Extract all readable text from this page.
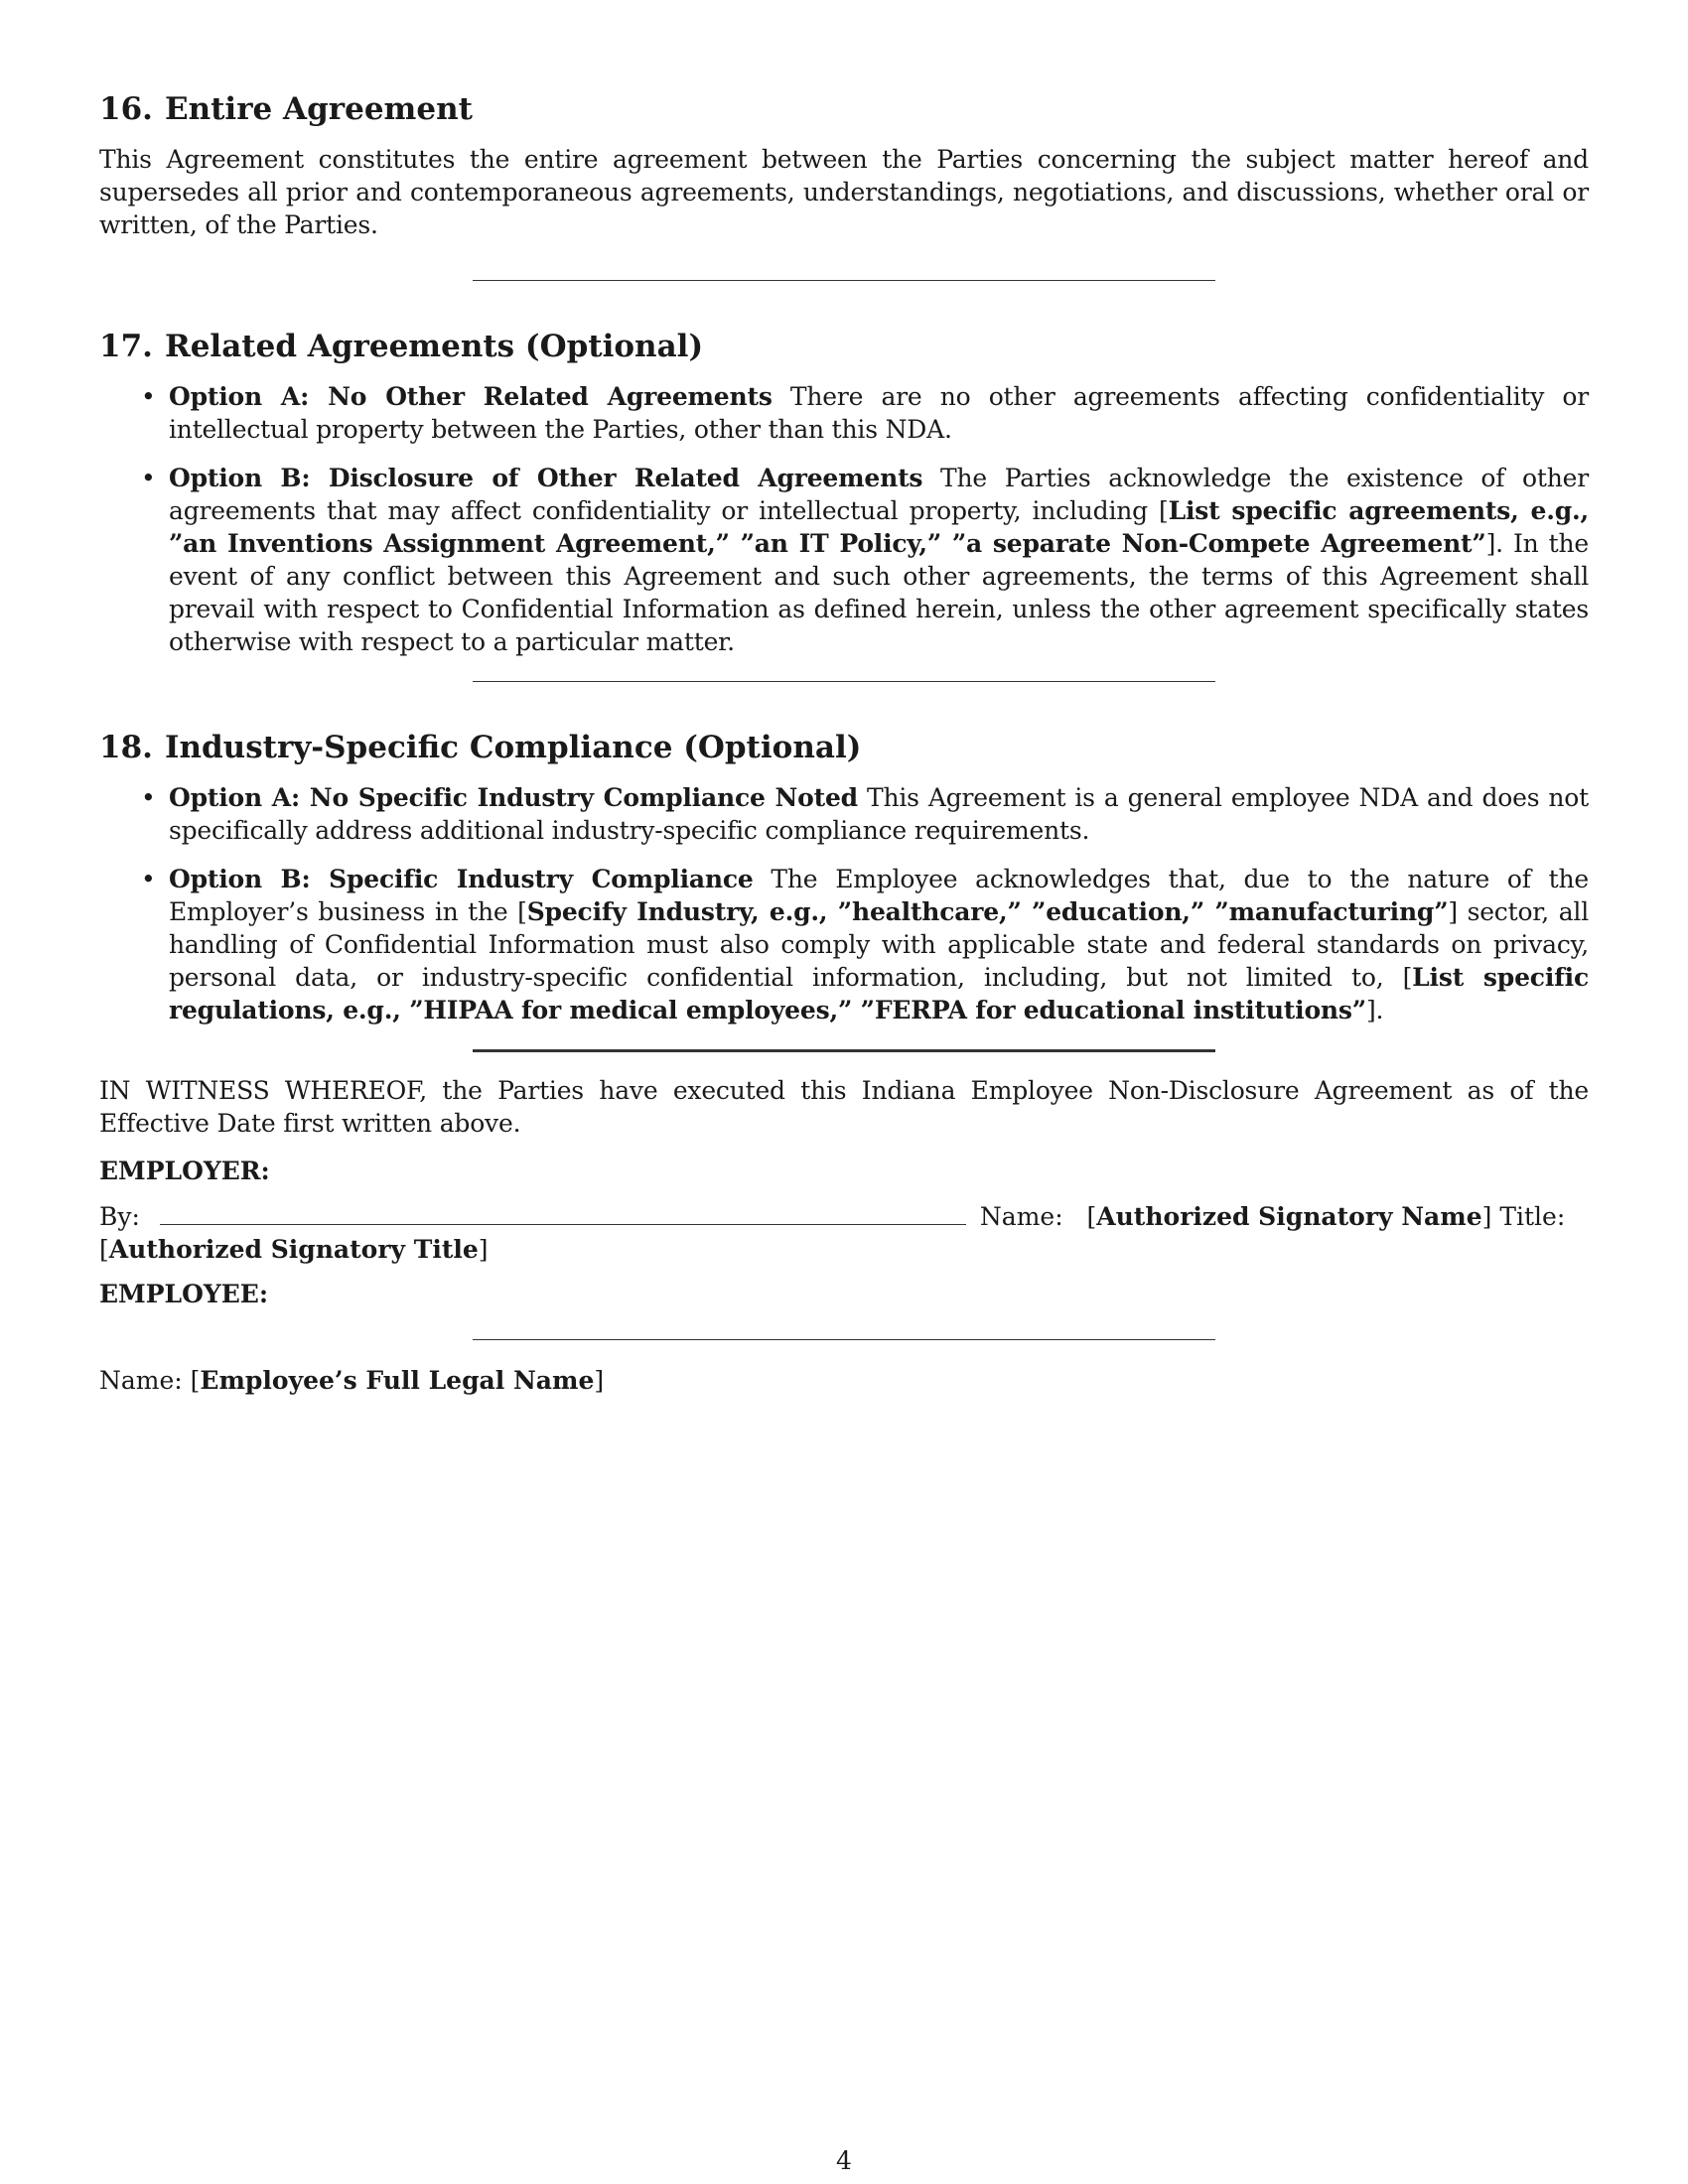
16. Entire Agreement

This Agreement constitutes the entire agreement between the Parties concerning the subject matter hereof and supersedes all prior and contemporaneous agreements, understandings, negotiations, and discussions, whether oral or written, of the Parties.

17. Related Agreements (Optional)
• Option A: No Other Related Agreements There are no other agreements affecting confidentiality or intellectual property between the Parties, other than this NDA.
• Option B: Disclosure of Other Related Agreements The Parties acknowledge the existence of other agreements that may affect confidentiality or intellectual property, including [List specific agreements, e.g., ”an Inventions Assignment Agreement,” ”an IT Policy,” ”a separate Non-Compete Agreement”]. In the event of any conflict between this Agreement and such other agreements, the terms of this Agreement shall prevail with respect to Confidential Information as defined herein, unless the other agreement specifically states otherwise with respect to a particular matter.
18. Industry-Specific Compliance (Optional)
• Option A: No Specific Industry Compliance Noted This Agreement is a general employee NDA and does not specifically address additional industry-specific compliance requirements.
• Option B: Specific Industry Compliance The Employee acknowledges that, due to the nature of the Employer’s business in the [Specify Industry, e.g., ”healthcare,” ”education,” ”manufacturing”] sector, all handling of Confidential Information must also comply with applicable state and federal standards on privacy, personal data, or industry-specific confidential information, including, but not limited to, [List specific regulations, e.g., ”HIPAA for medical employees,” ”FERPA for educational institutions”].

IN WITNESS WHEREOF, the Parties have executed this Indiana Employee Non-Disclosure Agreement as of the Effective Date first written above.

EMPLOYER:
By:	Name:   [Authorized Signatory Name] Title:
[Authorized Signatory Title]
EMPLOYEE:
Name: [Employee’s Full Legal Name]
4
